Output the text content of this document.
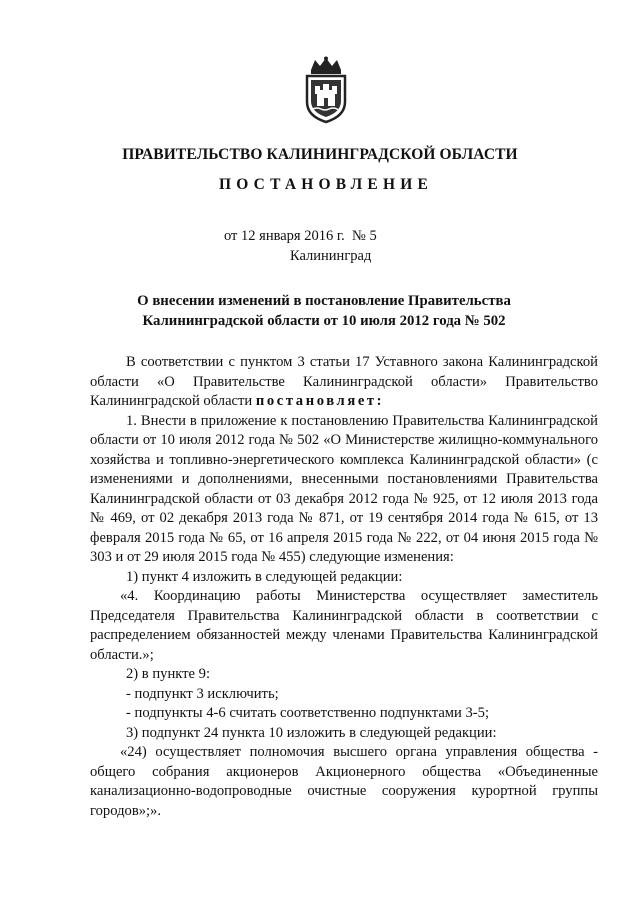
ПРАВИТЕЛЬСТВО КАЛИНИНГРАДСКОЙ ОБЛАСТИ
ПОСТАНОВЛЕНИЕ
от 12 января 2016 г.  № 5
Калининград
О внесении изменений в постановление Правительства
Калининградской области от 10 июля 2012 года № 502

В соответствии с пунктом 3 статьи 17 Уставного закона Калининградской области «О Правительстве Калининградской области» Правительство Калининградской области постановляет:

1. Внести в приложение к постановлению Правительства Калининградской области от 10 июля 2012 года № 502 «О Министерстве жилищно-коммунального хозяйства и топливно-энергетического комплекса Калининградской области» (с изменениями и дополнениями, внесенными постановлениями Правительства Калининградской области от 03 декабря 2012 года № 925, от 12 июля 2013 года № 469, от 02 декабря 2013 года № 871, от 19 сентября 2014 года № 615, от 13 февраля 2015 года № 65, от 16 апреля 2015 года № 222, от 04 июня 2015 года № 303 и от 29 июля 2015 года № 455) следующие изменения:

1) пункт 4 изложить в следующей редакции:

«4. Координацию работы Министерства осуществляет заместитель Председателя Правительства Калининградской области в соответствии с распределением обязанностей между членами Правительства Калининградской области.»;

2) в пункте 9:

- подпункт 3 исключить;

- подпункты 4-6 считать соответственно подпунктами 3-5;

3) подпункт 24 пункта 10 изложить в следующей редакции:

«24) осуществляет полномочия высшего органа управления общества - общего собрания акционеров Акционерного общества «Объединенные канализационно-водопроводные очистные сооружения курортной группы городов»;».
